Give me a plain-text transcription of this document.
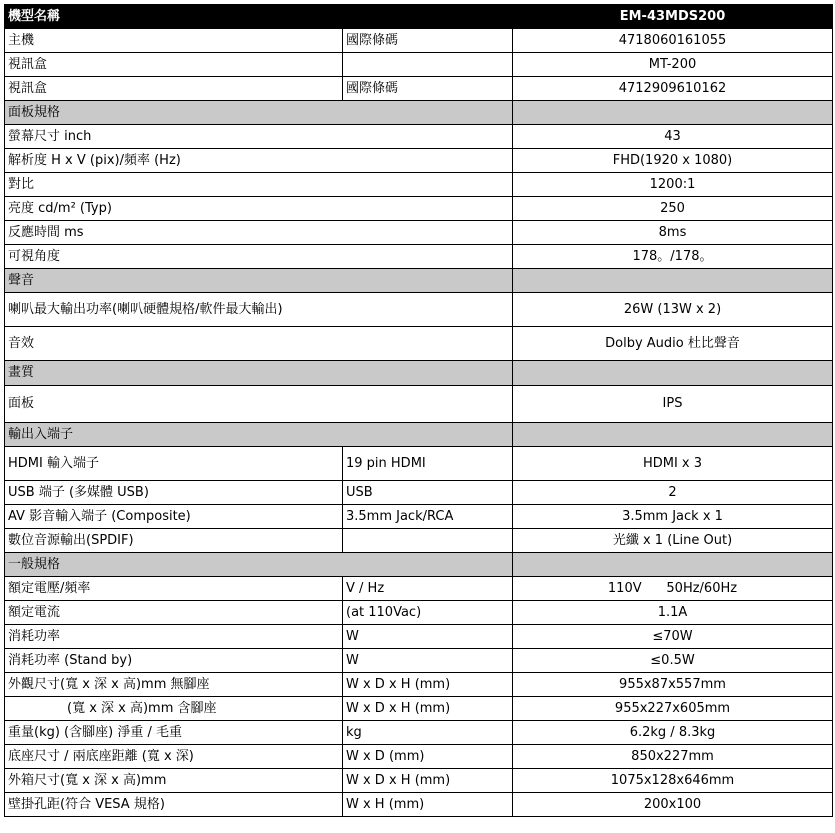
機型名稱		EM-43MDS200
主機	國際條碼	4718060161055
視訊盒		MT-200
視訊盒	國際條碼	4712909610162
面板規格		
螢幕尺寸 inch		43
解析度 H x V (pix)/頻率 (Hz)		FHD(1920 x 1080)
對比		1200:1
亮度 cd/m² (Typ)		250
反應時間 ms		8ms
可視角度		178。/178。
聲音		
喇叭最大輸出功率(喇叭硬體規格/軟件最大輸出)		26W (13W x 2)
音效		Dolby Audio 杜比聲音
畫質		
面板		IPS
輸出入端子		
HDMI 輸入端子	19 pin HDMI	HDMI x 3
USB 端子 (多媒體 USB)	USB	2
AV 影音輸入端子 (Composite)	3.5mm Jack/RCA	3.5mm Jack x 1
數位音源輸出(SPDIF)		光纖 x 1 (Line Out)
一般規格		
額定電壓/頻率	V / Hz	110V      50Hz/60Hz
額定電流	(at 110Vac)	1.1A
消耗功率	W	≤70W
消耗功率 (Stand by)	W	≤0.5W
外觀尺寸(寬 x 深 x 高)mm 無腳座	W x D x H (mm)	955x87x557mm
(寬 x 深 x 高)mm 含腳座	W x D x H (mm)	955x227x605mm
重量(kg) (含腳座) 淨重 / 毛重	kg	6.2kg / 8.3kg
底座尺寸 / 兩底座距離 (寬 x 深)	W x D (mm)	850x227mm
外箱尺寸(寬 x 深 x 高)mm	W x D x H (mm)	1075x128x646mm
壁掛孔距(符合 VESA 規格)	W x H (mm)	200x100
